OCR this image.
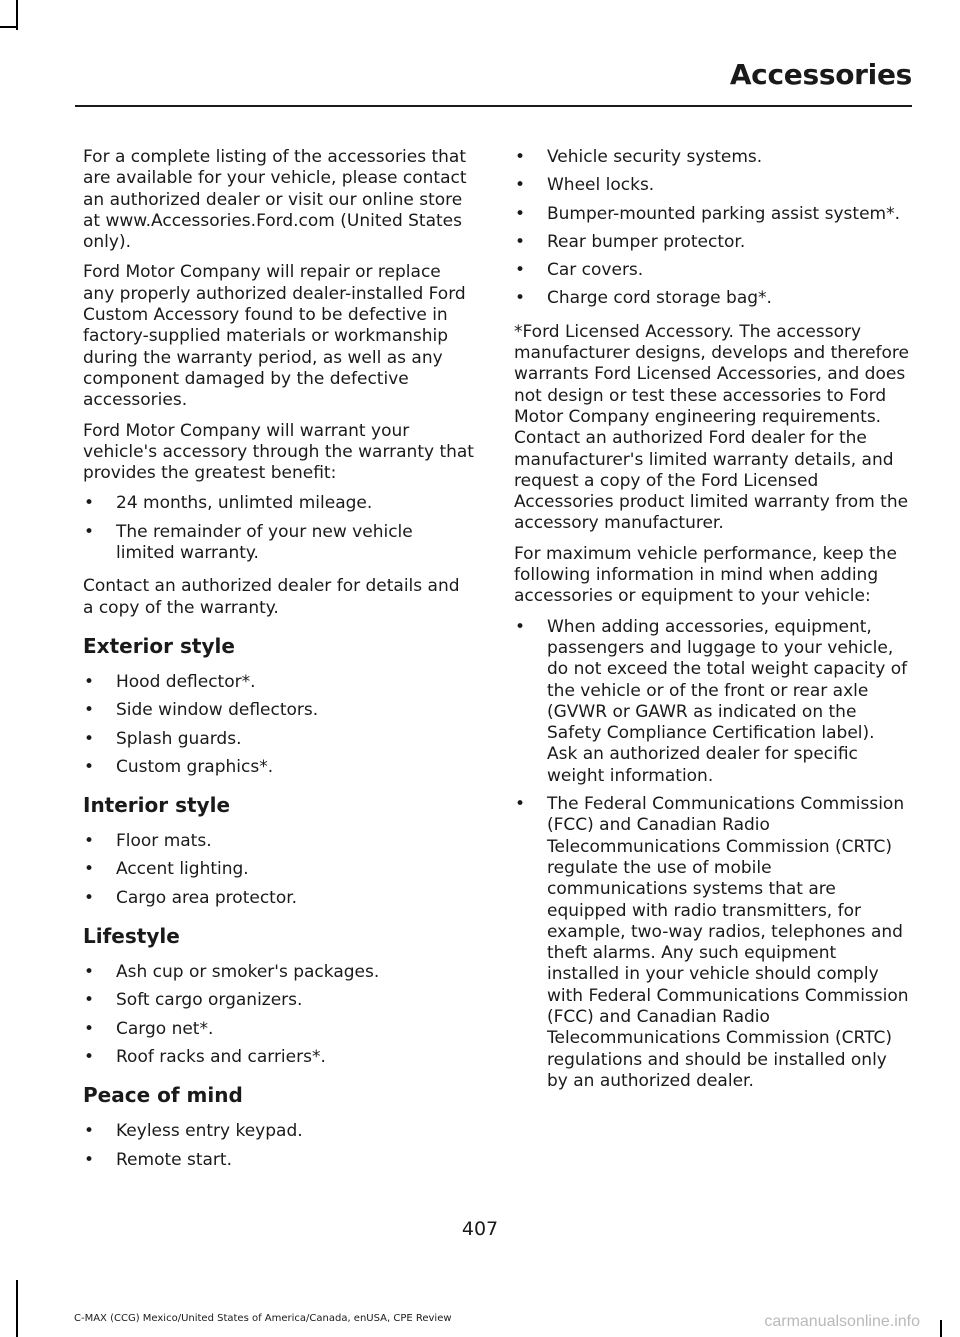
Accessories

For a complete listing of the accessories that are available for your vehicle, please contact an authorized dealer or visit our online store at www.Accessories.Ford.com (United States only).

Ford Motor Company will repair or replace any properly authorized dealer-installed Ford Custom Accessory found to be defective in factory-supplied materials or workmanship during the warranty period, as well as any component damaged by the defective accessories.

Ford Motor Company will warrant your vehicle's accessory through the warranty that provides the greatest benefit:

• 24 months, unlimted mileage.
• The remainder of your new vehicle limited warranty.

Contact an authorized dealer for details and a copy of the warranty.

Exterior style
• Hood deflector*.
• Side window deflectors.
• Splash guards.
• Custom graphics*.
Interior style
• Floor mats.
• Accent lighting.
• Cargo area protector.
Lifestyle
• Ash cup or smoker's packages.
• Soft cargo organizers.
• Cargo net*.
• Roof racks and carriers*.
Peace of mind
• Keyless entry keypad.
• Remote start.
• Vehicle security systems.
• Wheel locks.
• Bumper-mounted parking assist system*.
• Rear bumper protector.
• Car covers.
• Charge cord storage bag*.

*Ford Licensed Accessory. The accessory manufacturer designs, develops and therefore warrants Ford Licensed Accessories, and does not design or test these accessories to Ford Motor Company engineering requirements. Contact an authorized Ford dealer for the manufacturer's limited warranty details, and request a copy of the Ford Licensed Accessories product limited warranty from the accessory manufacturer.

For maximum vehicle performance, keep the following information in mind when adding accessories or equipment to your vehicle:

• When adding accessories, equipment, passengers and luggage to your vehicle, do not exceed the total weight capacity of the vehicle or of the front or rear axle (GVWR or GAWR as indicated on the Safety Compliance Certification label). Ask an authorized dealer for specific weight information.
• The Federal Communications Commission (FCC) and Canadian Radio Telecommunications Commission (CRTC) regulate the use of mobile communications systems that are equipped with radio transmitters, for example, two-way radios, telephones and theft alarms. Any such equipment installed in your vehicle should comply with Federal Communications Commission (FCC) and Canadian Radio Telecommunications Commission (CRTC) regulations and should be installed only by an authorized dealer.
407
C-MAX (CCG) Mexico/United States of America/Canada, enUSA, CPE Review	carmanualsonline.info
